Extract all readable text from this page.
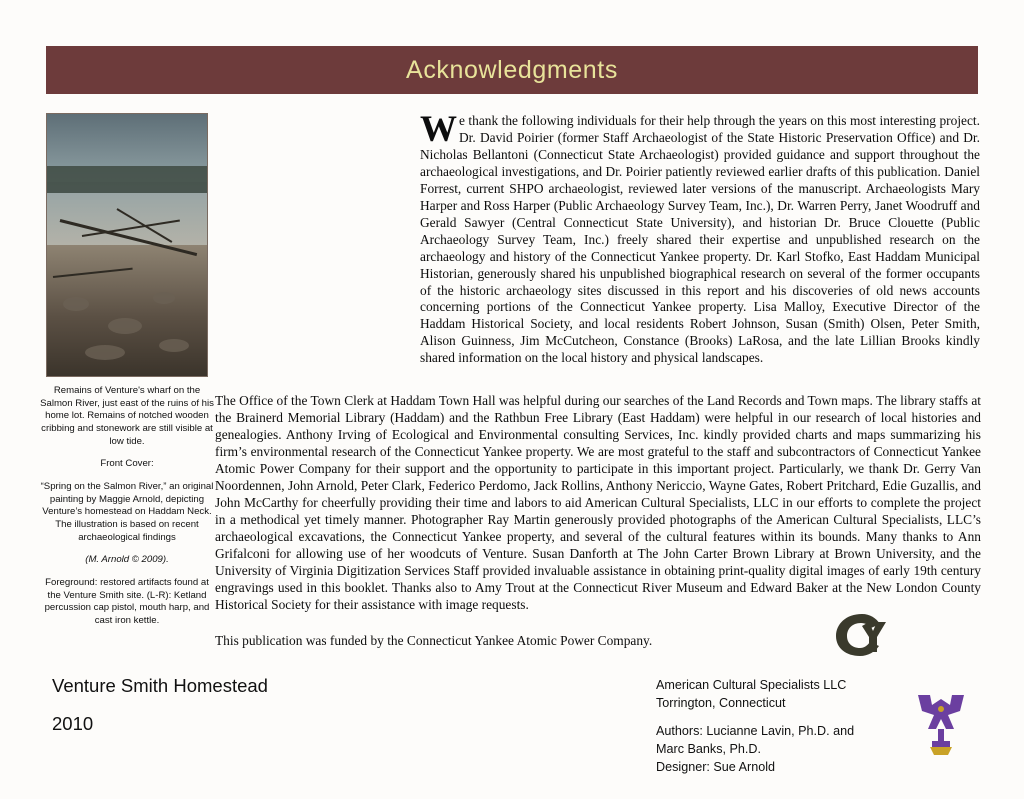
Acknowledgments

Remains of Venture's wharf on the Salmon River, just east of the ruins of his home lot. Remains of notched wooden cribbing and stonework are still visible at low tide.

Front Cover:

“Spring on the Salmon River,” an original painting by Maggie Arnold, depicting Venture’s homestead on Haddam Neck. The illustration is based on recent archaeological findings

(M. Arnold © 2009).

Foreground: restored artifacts found at the Venture Smith site. (L-R): Ketland percussion cap pistol, mouth harp, and cast iron kettle.

We thank the following individuals for their help through the years on this most interesting project. Dr. David Poirier (former Staff Archaeologist of the State Historic Preservation Office) and Dr. Nicholas Bellantoni (Connecticut State Archaeologist) provided guidance and support throughout the archaeological investigations, and Dr. Poirier patiently reviewed earlier drafts of this publication. Daniel Forrest, current SHPO archaeologist, reviewed later versions of the manuscript. Archaeologists Mary Harper and Ross Harper (Public Archaeology Survey Team, Inc.), Dr. Warren Perry, Janet Woodruff and Gerald Sawyer (Central Connecticut State University), and historian Dr. Bruce Clouette (Public Archaeology Survey Team, Inc.) freely shared their expertise and unpublished research on the archaeology and history of the Connecticut Yankee property. Dr. Karl Stofko, East Haddam Municipal Historian, generously shared his unpublished biographical research on several of the former occupants of the historic archaeology sites discussed in this report and his discoveries of old news accounts concerning portions of the Connecticut Yankee property. Lisa Malloy, Executive Director of the Haddam Historical Society, and local residents Robert Johnson, Susan (Smith) Olsen, Peter Smith, Alison Guinness, Jim McCutcheon, Constance (Brooks) LaRosa, and the late Lillian Brooks kindly shared information on the local history and physical landscapes.

The Office of the Town Clerk at Haddam Town Hall was helpful during our searches of the Land Records and Town maps. The library staffs at the Brainerd Memorial Library (Haddam) and the Rathbun Free Library (East Haddam) were helpful in our research of local histories and genealogies. Anthony Irving of Ecological and Environmental consulting Services, Inc. kindly provided charts and maps summarizing his firm’s environmental research of the Connecticut Yankee property. We are most grateful to the staff and subcontractors of Connecticut Yankee Atomic Power Company for their support and the opportunity to participate in this important project. Particularly, we thank Dr. Gerry Van Noordennen, John Arnold, Peter Clark, Federico Perdomo, Jack Rollins, Anthony Nericcio, Wayne Gates, Robert Pritchard, Edie Guzallis, and John McCarthy for cheerfully providing their time and labors to aid American Cultural Specialists, LLC in our efforts to complete the project in a methodical yet timely manner. Photographer Ray Martin generously provided photographs of the American Cultural Specialists, LLC’s archaeological excavations, the Connecticut Yankee property, and several of the cultural features within its bounds. Many thanks to Ann Grifalconi for allowing use of her woodcuts of Venture. Susan Danforth at The John Carter Brown Library at Brown University, and the University of Virginia Digitization Services Staff provided invaluable assistance in obtaining print-quality digital images of early 19th century engravings used in this booklet. Thanks also to Amy Trout at the Connecticut River Museum and Edward Baker at the New London County Historical Society for their assistance with image requests.

This publication was funded by the Connecticut Yankee Atomic Power Company.
Venture Smith Homestead
2010
American Cultural Specialists LLC
Torrington, Connecticut
Authors: Lucianne Lavin, Ph.D. and
Marc Banks, Ph.D.
Designer: Sue Arnold
